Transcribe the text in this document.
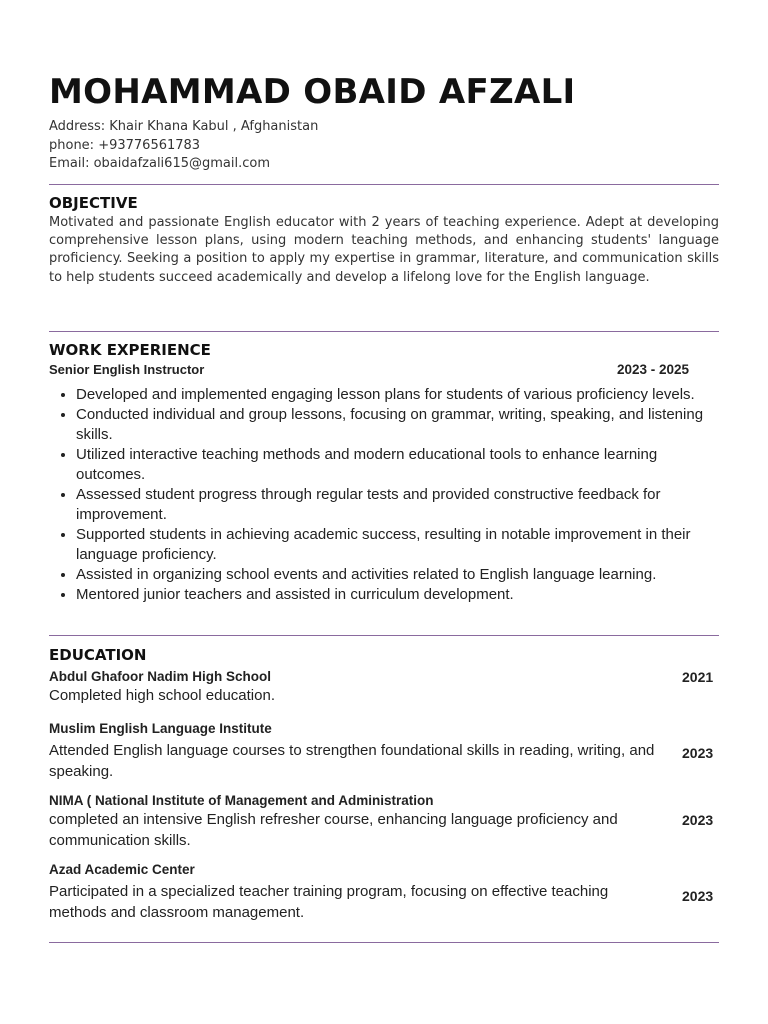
MOHAMMAD OBAID AFZALI
Address: Khair Khana Kabul , Afghanistan
phone: +93776561783
Email: obaidafzali615@gmail.com
OBJECTIVE

Motivated and passionate English educator with 2 years of teaching experience. Adept at developing comprehensive lesson plans, using modern teaching methods, and enhancing students' language proficiency. Seeking a position to apply my expertise in grammar, literature, and communication skills to help students succeed academically and develop a lifelong love for the English language.

WORK EXPERIENCE
Senior English Instructor	2023 - 2025
• Developed and implemented engaging lesson plans for students of various proficiency levels.
• Conducted individual and group lessons, focusing on grammar, writing, speaking, and listening skills.
• Utilized interactive teaching methods and modern educational tools to enhance learning outcomes.
• Assessed student progress through regular tests and provided constructive feedback for improvement.
• Supported students in achieving academic success, resulting in notable improvement in their language proficiency.
• Assisted in organizing school events and activities related to English language learning.
• Mentored junior teachers and assisted in curriculum development.
EDUCATION
Abdul Ghafoor Nadim High School
Completed high school education.
2021
Muslim English Language Institute
Attended English language courses to strengthen foundational skills in reading, writing, and speaking.
2023
NIMA ( National Institute of Management and Administration
completed an intensive English refresher course, enhancing language proficiency and communication skills.
2023
Azad Academic Center
Participated in a specialized teacher training program, focusing on effective teaching methods and classroom management.
2023
